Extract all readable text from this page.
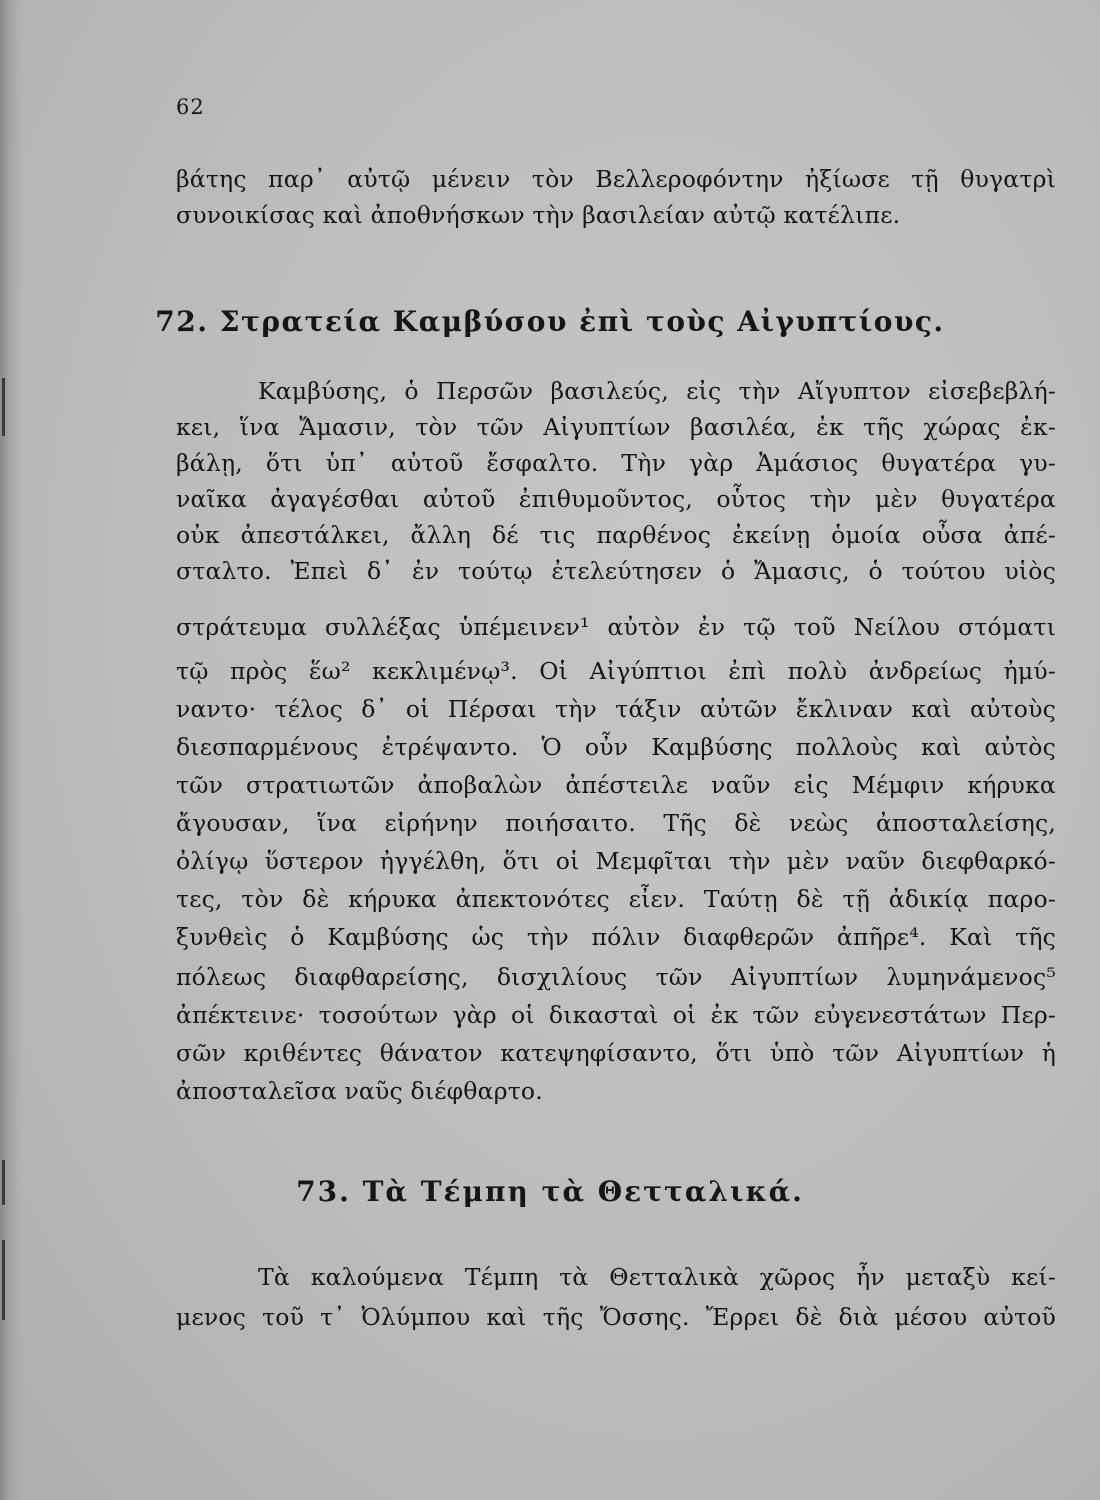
62
βάτης παρ᾽ αὐτῷ μένειν τὸν Βελλεροφόντην ἠξίωσε τῇ θυγατρὶ
συνοικίσας καὶ ἀποθνήσκων τὴν βασιλείαν αὐτῷ κατέλιπε.
72. Στρατεία Καμβύσου ἐπὶ τοὺς Αἰγυπτίους.
Καμβύσης, ὁ Περσῶν βασιλεύς, εἰς τὴν Αἴγυπτον εἰσεβεβλή-
κει, ἵνα Ἄμασιν, τὸν τῶν Αἰγυπτίων βασιλέα, ἐκ τῆς χώρας ἐκ-
βάλῃ, ὅτι ὑπ᾽ αὐτοῦ ἔσφαλτο. Τὴν γὰρ Ἀμάσιος θυγατέρα γυ-
ναῖκα ἀγαγέσθαι αὐτοῦ ἐπιθυμοῦντος, οὗτος τὴν μὲν θυγατέρα
οὐκ ἀπεστάλκει, ἄλλη δέ τις παρθένος ἐκείνῃ ὁμοία οὖσα ἀπέ-
σταλτο. Ἐπεὶ δ᾽ ἐν τούτῳ ἐτελεύτησεν ὁ Ἄμασις, ὁ τούτου υἱὸς
στράτευμα συλλέξας ὑπέμεινεν¹ αὐτὸν ἐν τῷ τοῦ Νείλου στόματι
τῷ πρὸς ἕω² κεκλιμένῳ³. Οἱ Αἰγύπτιοι ἐπὶ πολὺ ἀνδρείως ἠμύ-
ναντο· τέλος δ᾽ οἱ Πέρσαι τὴν τάξιν αὐτῶν ἔκλιναν καὶ αὐτοὺς
διεσπαρμένους ἐτρέψαντο. Ὁ οὖν Καμβύσης πολλοὺς καὶ αὐτὸς
τῶν στρατιωτῶν ἀποβαλὼν ἀπέστειλε ναῦν εἰς Μέμφιν κήρυκα
ἄγουσαν, ἵνα εἰρήνην ποιήσαιτο. Τῆς δὲ νεὼς ἀποσταλείσης,
ὀλίγῳ ὕστερον ἠγγέλθη, ὅτι οἱ Μεμφῖται τὴν μὲν ναῦν διεφθαρκό-
τες, τὸν δὲ κήρυκα ἀπεκτονότες εἶεν. Ταύτῃ δὲ τῇ ἀδικίᾳ παρο-
ξυνθεὶς ὁ Καμβύσης ὡς τὴν πόλιν διαφθερῶν ἀπῆρε⁴. Καὶ τῆς
πόλεως διαφθαρείσης, δισχιλίους τῶν Αἰγυπτίων λυμηνάμενος⁵
ἀπέκτεινε· τοσούτων γὰρ οἱ δικασταὶ οἱ ἐκ τῶν εὐγενεστάτων Περ-
σῶν κριθέντες θάνατον κατεψηφίσαντο, ὅτι ὑπὸ τῶν Αἰγυπτίων ἡ
ἀποσταλεῖσα ναῦς διέφθαρτο.
73. Τὰ Τέμπη τὰ Θετταλικά.
Τὰ καλούμενα Τέμπη τὰ Θετταλικὰ χῶρος ἦν μεταξὺ κεί-
μενος τοῦ τ᾽ Ὀλύμπου καὶ τῆς Ὄσσης. Ἔρρει δὲ διὰ μέσου αὐτοῦ
